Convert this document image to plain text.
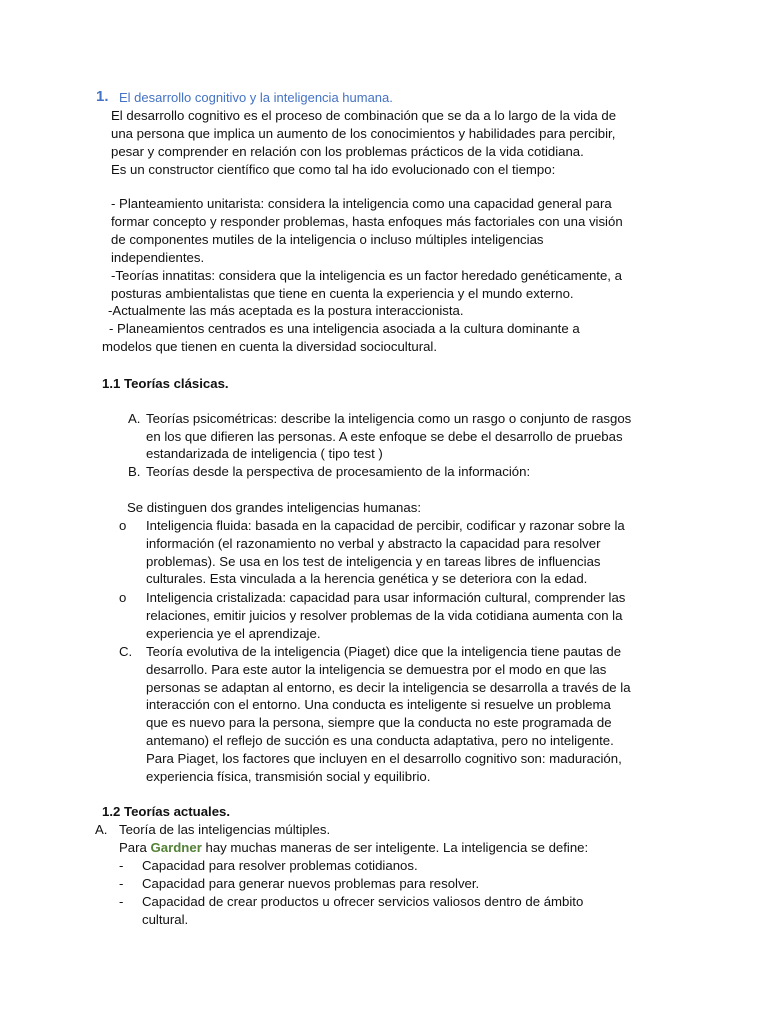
1. El desarrollo cognitivo y la inteligencia humana.
El desarrollo cognitivo es el proceso de combinación que se da a lo largo de la vida de
una persona que implica un aumento de los conocimientos y habilidades para percibir,
pesar y comprender en relación con los problemas prácticos de la vida cotidiana.
Es un constructor científico que como tal ha ido evolucionado con el tiempo:
- Planteamiento unitarista: considera la inteligencia como una capacidad general para
formar concepto y responder problemas, hasta enfoques más factoriales con una visión
de componentes mutiles de la inteligencia o incluso múltiples inteligencias
independientes.
-Teorías innatitas: considera que la inteligencia es un factor heredado genéticamente, a
posturas ambientalistas que tiene en cuenta la experiencia y el mundo externo.
-Actualmente las más aceptada es la postura interaccionista.
- Planeamientos centrados es una inteligencia asociada a la cultura dominante a
modelos que tienen en cuenta la diversidad sociocultural.
1.1 Teorías clásicas.
A. Teorías psicométricas: describe la inteligencia como un rasgo o conjunto de rasgos
en los que difieren las personas. A este enfoque se debe el desarrollo de pruebas
estandarizada de inteligencia ( tipo test )
B. Teorías desde la perspectiva de procesamiento de la información:
Se distinguen dos grandes inteligencias humanas:
o Inteligencia fluida: basada en la capacidad de percibir, codificar y razonar sobre la
información (el razonamiento no verbal y abstracto la capacidad para resolver
problemas). Se usa en los test de inteligencia y en tareas libres de influencias
culturales. Esta vinculada a la herencia genética y se deteriora con la edad.
o Inteligencia cristalizada: capacidad para usar información cultural, comprender las
relaciones, emitir juicios y resolver problemas de la vida cotidiana aumenta con la
experiencia ye el aprendizaje.
C. Teoría evolutiva de la inteligencia (Piaget) dice que la inteligencia tiene pautas de
desarrollo. Para este autor la inteligencia se demuestra por el modo en que las
personas se adaptan al entorno, es decir la inteligencia se desarrolla a través de la
interacción con el entorno. Una conducta es inteligente si resuelve un problema
que es nuevo para la persona, siempre que la conducta no este programada de
antemano) el reflejo de succión es una conducta adaptativa, pero no inteligente.
Para Piaget, los factores que incluyen en el desarrollo cognitivo son: maduración,
experiencia física, transmisión social y equilibrio.
1.2 Teorías actuales.
A. Teoría de las inteligencias múltiples.
Para Gardner hay muchas maneras de ser inteligente. La inteligencia se define:
- Capacidad para resolver problemas cotidianos.
- Capacidad para generar nuevos problemas para resolver.
- Capacidad de crear productos u ofrecer servicios valiosos dentro de ámbito
cultural.
